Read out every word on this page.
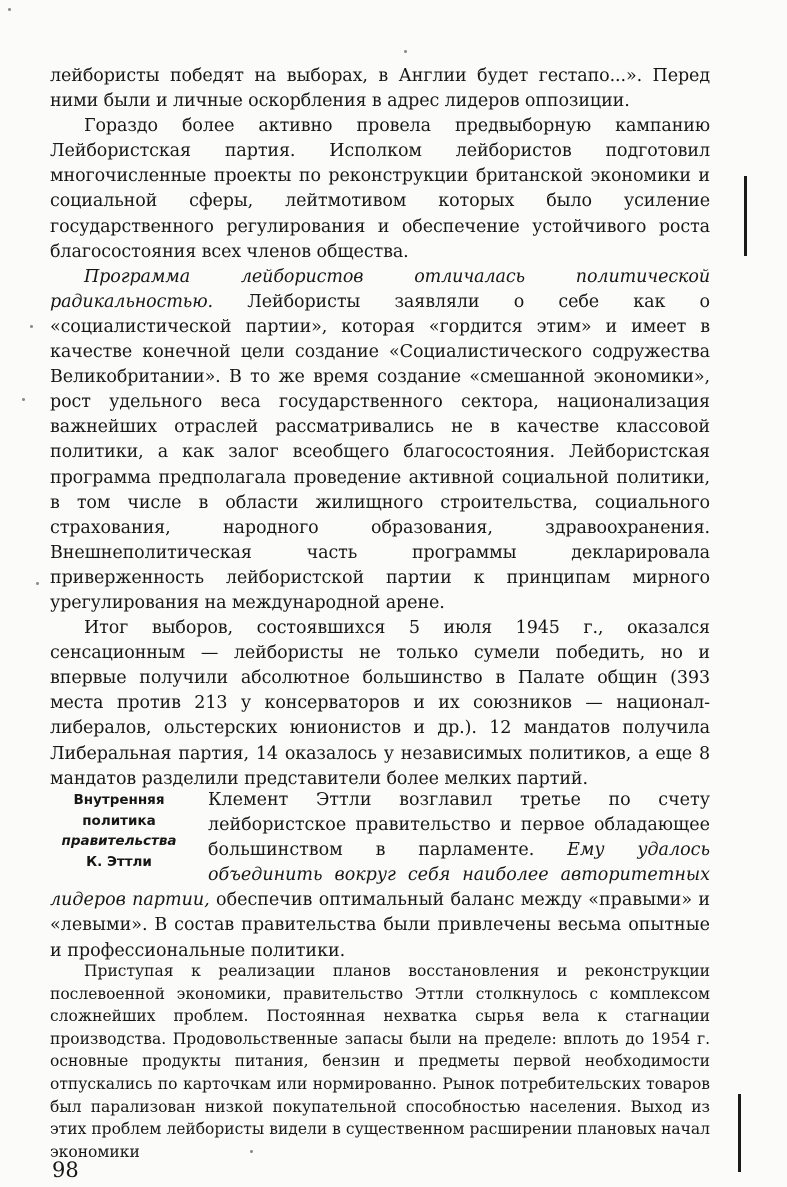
лейбористы победят на выборах, в Англии будет гестапо...». Перед ними были и личные оскорбления в адрес лидеров оппозиции.

Гораздо более активно провела предвыборную кампанию Лейбористская партия. Исполком лейбористов подготовил многочисленные проекты по реконструкции британской экономики и социальной сферы, лейтмотивом которых было усиление государственного регулирования и обеспечение устойчивого роста благосостояния всех членов общества.

Программа лейбористов отличалась политической радикальностью. Лейбористы заявляли о себе как о «социалистической партии», которая «гордится этим» и имеет в качестве конечной цели создание «Социалистического содружества Великобритании». В то же время создание «смешанной экономики», рост удельного веса государственного сектора, национализация важнейших отраслей рассматривались не в качестве классовой политики, а как залог всеобщего благосостояния. Лейбористская программа предполагала проведение активной социальной политики, в том числе в области жилищного строительства, социального страхования, народного образования, здравоохранения. Внешнеполитическая часть программы декларировала приверженность лейбористской партии к принципам мирного урегулирования на международной арене.

Итог выборов, состоявшихся 5 июля 1945 г., оказался сенсационным — лейбористы не только сумели победить, но и впервые получили абсолютное большинство в Палате общин (393 места против 213 у консерваторов и их союзников — национал-либералов, ольстерских юнионистов и др.). 12 мандатов получила Либеральная партия, 14 оказалось у независимых политиков, а еще 8 мандатов разделили представители более мелких партий.

Внутренняя
политика
правительства
К. Эттли

Клемент Эттли возглавил третье по счету лейбористское правительство и первое обладающее большинством в парламенте. Ему удалось объединить вокруг себя наиболее авторитетных лидеров партии, обеспечив оптимальный баланс между «правыми» и «левыми». В состав правительства были привлечены весьма опытные и профессиональные политики.

Приступая к реализации планов восстановления и реконструкции послевоенной экономики, правительство Эттли столкнулось с комплексом сложнейших проблем. Постоянная нехватка сырья вела к стагнации производства. Продовольственные запасы были на пределе: вплоть до 1954 г. основные продукты питания, бензин и предметы первой необходимости отпускались по карточкам или нормированно. Рынок потребительских товаров был парализован низкой покупательной способностью населения. Выход из этих проблем лейбористы видели в существенном расширении плановых начал экономики

98
